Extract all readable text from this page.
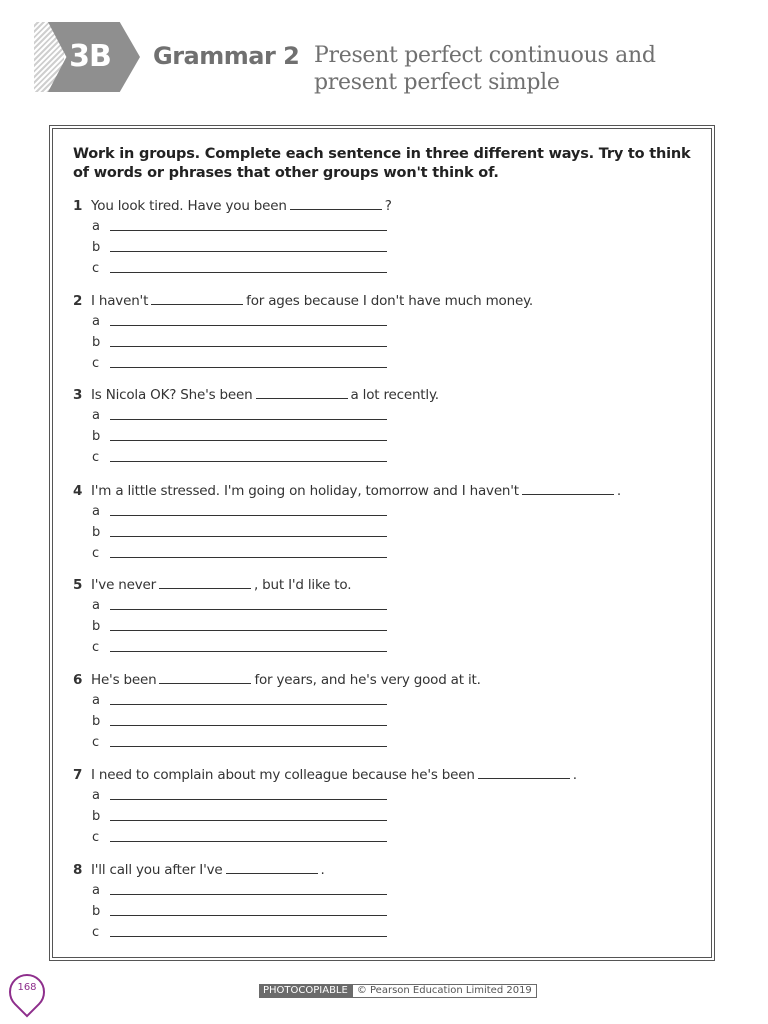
3B	Grammar 2 Present perfect continuous and present perfect simple
Work in groups. Complete each sentence in three different ways. Try to think of words or phrases that other groups won't think of.
1 You look tired. Have you been	?
a
b
c
2 I haven't	for ages because I don't have much money.
a
b
c
3 Is Nicola OK? She's been	a lot recently.
a
b
c
4 I'm a little stressed. I'm going on holiday, tomorrow and I haven't	.
a
b
c
5 I've never	, but I'd like to.
a
b
c
6 He's been	for years, and he's very good at it.
a
b
c
7 I need to complain about my colleague because he's been	.
a
b
c
8 I'll call you after I've	.
a
b
c
168	PHOTOCOPIABLE © Pearson Education Limited 2019
